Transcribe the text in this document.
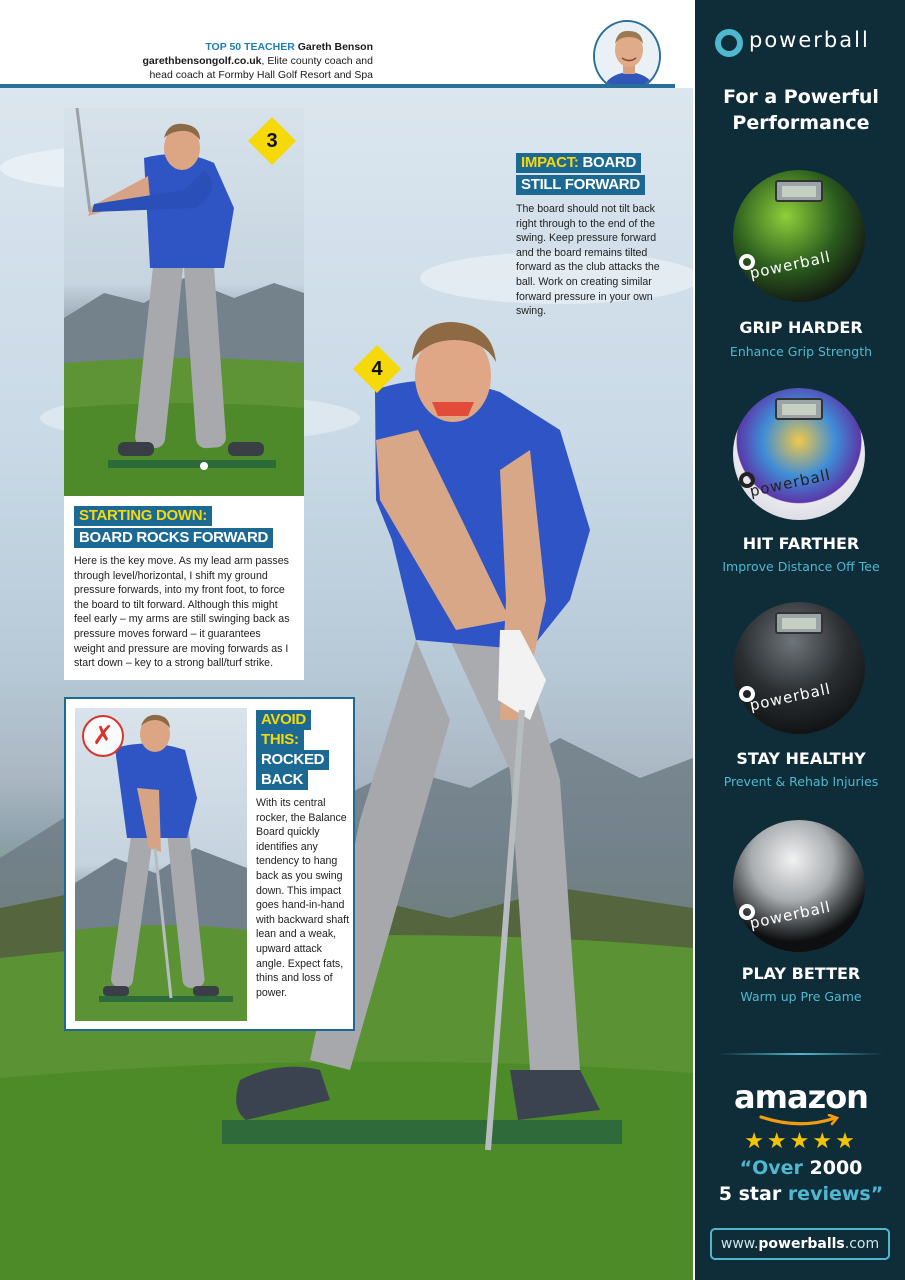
TOP 50 TEACHER Gareth Benson
garethbensongolf.co.uk, Elite county coach and
head coach at Formby Hall Golf Resort and Spa
3
STARTING DOWN:
BOARD ROCKS FORWARD

Here is the key move. As my lead arm passes through level/horizontal, I shift my ground pressure forwards, into my front foot, to force the board to tilt forward. Although this might feel early – my arms are still swinging back as pressure moves forward – it guarantees weight and pressure are moving forwards as I start down – key to a strong ball/turf strike.

4
IMPACT: BOARD
STILL FORWARD

The board should not tilt back right through to the end of the swing. Keep pressure forward and the board remains tilted forward as the club attacks the ball. Work on creating similar forward pressure in your own swing.

✗
AVOID
THIS:
ROCKED
BACK

With its central rocker, the Balance Board quickly identifies any tendency to hang back as you swing down. This impact goes hand-in-hand with backward shaft lean and a weak, upward attack angle. Expect fats, thins and loss of power.

powerball
For a Powerful
Performance
powerball
GRIP HARDER
Enhance Grip Strength
powerball
HIT FARTHER
Improve Distance Off Tee
powerball
STAY HEALTHY
Prevent & Rehab Injuries
powerball
PLAY BETTER
Warm up Pre Game
amazon
★★★★★
“Over 2000
5 star reviews”
www.powerballs.com
